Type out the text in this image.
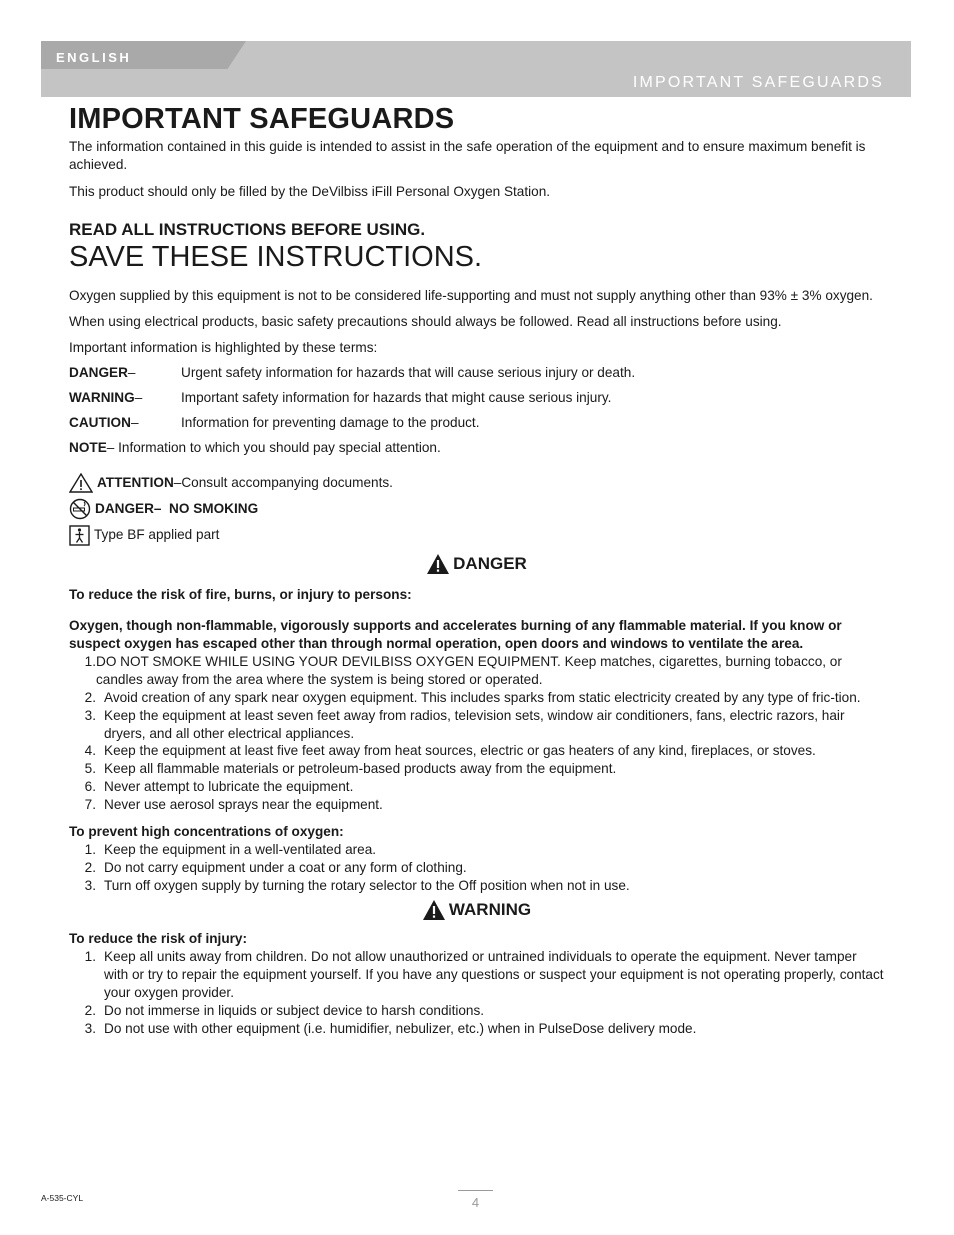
ENGLISH
IMPORTANT SAFEGUARDS
IMPORTANT SAFEGUARDS

The information contained in this guide is intended to assist in the safe operation of the equipment and to ensure maximum benefit is achieved.

This product should only be filled by the DeVilbiss iFill Personal Oxygen Station.

READ ALL INSTRUCTIONS BEFORE USING.

SAVE THESE INSTRUCTIONS.

Oxygen supplied by this equipment is not to be considered life-supporting and must not supply anything other than 93% ± 3% oxygen.

When using electrical products, basic safety precautions should always be followed. Read all instructions before using.

Important information is highlighted by these terms:

DANGER–	Urgent safety information for hazards that will cause serious injury or death.
WARNING–	Important safety information for hazards that might cause serious injury.
CAUTION–	Information for preventing damage to the product.

NOTE– Information to which you should pay special attention.

ATTENTION–Consult accompanying documents.
DANGER–  NO SMOKING
Type BF applied part
DANGER

To reduce the risk of fire, burns, or injury to persons:

Oxygen, though non-flammable, vigorously supports and accelerates burning of any flammable material. If you know or suspect oxygen has escaped other than through normal operation, open doors and windows to ventilate the area.

1. DO NOT SMOKE WHILE USING YOUR DEVILBISS OXYGEN EQUIPMENT. Keep matches, cigarettes, burning tobacco, or candles away from the area where the system is being stored or operated.
2. Avoid creation of any spark near oxygen equipment. This includes sparks from static electricity created by any type of fric-tion.
3. Keep the equipment at least seven feet away from radios, television sets, window air conditioners, fans, electric razors, hair dryers, and all other electrical appliances.
4. Keep the equipment at least five feet away from heat sources, electric or gas heaters of any kind, fireplaces, or stoves.
5. Keep all flammable materials or petroleum-based products away from the equipment.
6. Never attempt to lubricate the equipment.
7. Never use aerosol sprays near the equipment.

To prevent high concentrations of oxygen:

1. Keep the equipment in a well-ventilated area.
2. Do not carry equipment under a coat or any form of clothing.
3. Turn off oxygen supply by turning the rotary selector to the Off position when not in use.
WARNING

To reduce the risk of injury:

1. Keep all units away from children. Do not allow unauthorized or untrained individuals to operate the equipment. Never tamper with or try to repair the equipment yourself. If you have any questions or suspect your equipment is not operating properly, contact your oxygen provider.
2. Do not immerse in liquids or subject device to harsh conditions.
3. Do not use with other equipment (i.e. humidifier, nebulizer, etc.) when in PulseDose delivery mode.
A-535-CYL	4
